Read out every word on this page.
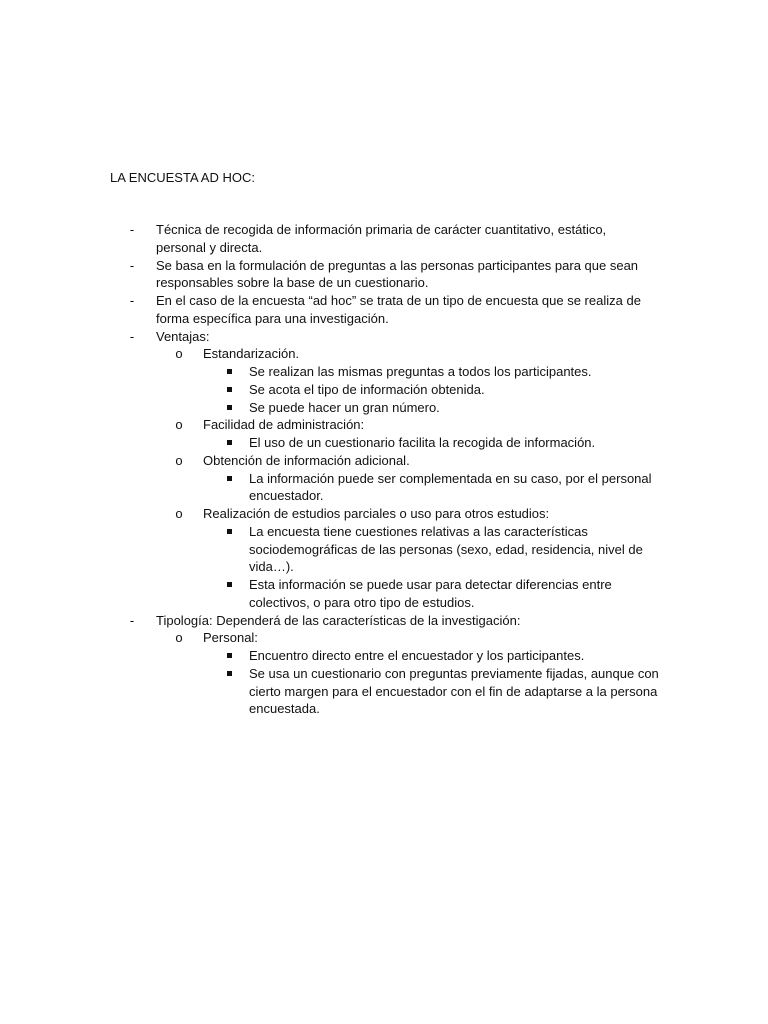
LA ENCUESTA AD HOC:
- Técnica de recogida de información primaria de carácter cuantitativo, estático,
personal y directa.
- Se basa en la formulación de preguntas a las personas participantes para que sean
responsables sobre la base de un cuestionario.
- En el caso de la encuesta “ad hoc” se trata de un tipo de encuesta que se realiza de
forma específica para una investigación.
- Ventajas:
o Estandarización.
Se realizan las mismas preguntas a todos los participantes.
Se acota el tipo de información obtenida.
Se puede hacer un gran número.
o Facilidad de administración:
El uso de un cuestionario facilita la recogida de información.
o Obtención de información adicional.
La información puede ser complementada en su caso, por el personal
encuestador.
o Realización de estudios parciales o uso para otros estudios:
La encuesta tiene cuestiones relativas a las características
sociodemográficas de las personas (sexo, edad, residencia, nivel de
vida…).
Esta información se puede usar para detectar diferencias entre
colectivos, o para otro tipo de estudios.
- Tipología: Dependerá de las características de la investigación:
o Personal:
Encuentro directo entre el encuestador y los participantes.
Se usa un cuestionario con preguntas previamente fijadas, aunque con
cierto margen para el encuestador con el fin de adaptarse a la persona
encuestada.
